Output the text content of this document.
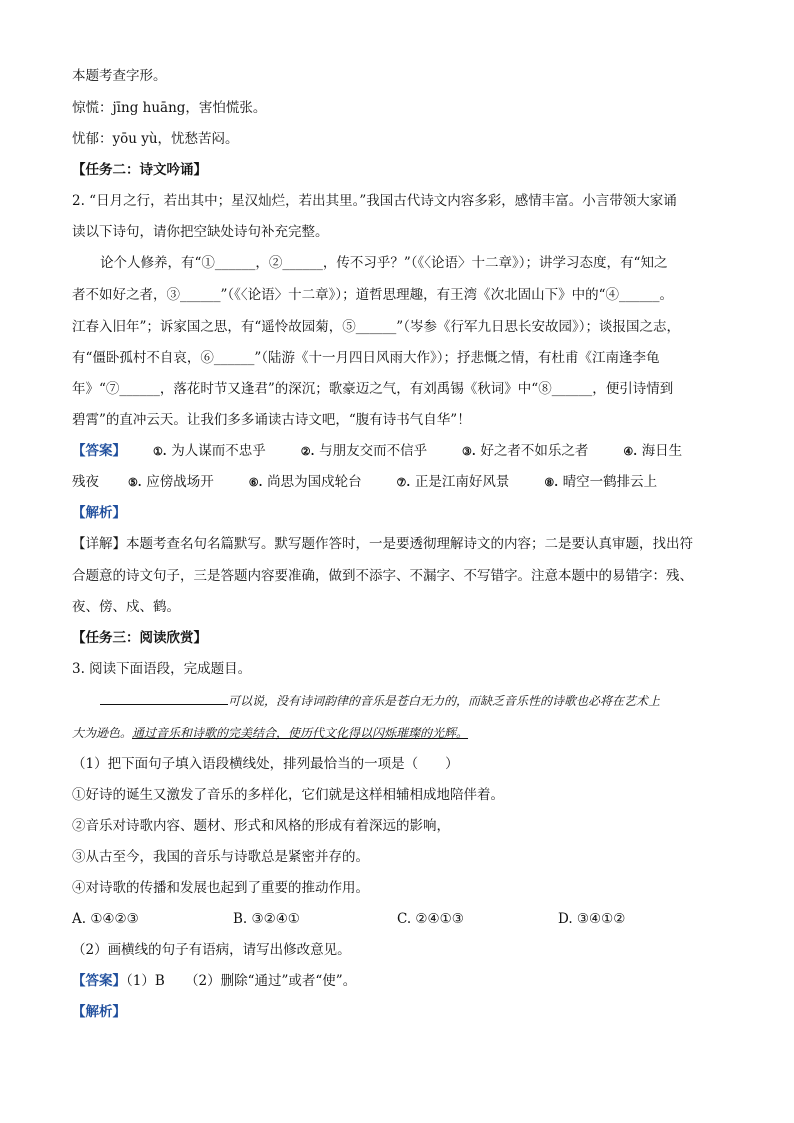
本题考查字形。
惊慌：jīng huāng，害怕慌张。
忧郁：yōu yù，忧愁苦闷。
【任务二：诗文吟诵】
2. “日月之行，若出其中；星汉灿烂，若出其里。”我国古代诗文内容多彩，感情丰富。小言带领大家诵
读以下诗句，请你把空缺处诗句补充完整。
论个人修养，有“①______，②______，传不习乎？”（《〈论语〉十二章》）；讲学习态度，有“知之
者不如好之者，③______”（《〈论语〉十二章》）；道哲思理趣，有王湾《次北固山下》中的“④______。
江春入旧年”；诉家国之思，有“遥怜故园菊，⑤______”（岑参《行军九日思长安故园》）；谈报国之志，
有“僵卧孤村不自哀，⑥______”（陆游《十一月四日风雨大作》）；抒悲慨之情，有杜甫《江南逢李龟
年》“⑦______，落花时节又逢君”的深沉；歌豪迈之气，有刘禹锡《秋词》中“⑧______，便引诗情到
碧霄”的直冲云天。让我们多多诵读古诗文吧，“腹有诗书气自华”！
【答案】 ①. 为人谋而不忠乎	②. 与朋友交而不信乎	③. 好之者不如乐之者	④. 海日生
残夜	⑤. 应傍战场开	⑥. 尚思为国戍轮台	⑦. 正是江南好风景	⑧. 晴空一鹤排云上
【解析】
【详解】本题考查名句名篇默写。默写题作答时，一是要透彻理解诗文的内容；二是要认真审题，找出符
合题意的诗文句子，三是答题内容要准确，做到不添字、不漏字、不写错字。注意本题中的易错字：残、
夜、傍、戍、鹤。
【任务三：阅读欣赏】
3. 阅读下面语段，完成题目。
可以说，没有诗词韵律的音乐是苍白无力的，而缺乏音乐性的诗歌也必将在艺术上
大为逊色。通过音乐和诗歌的完美结合，使历代文化得以闪烁璀璨的光辉。
（1）把下面句子填入语段横线处，排列最恰当的一项是（　　）
①好诗的诞生又激发了音乐的多样化，它们就是这样相辅相成地陪伴着。
②音乐对诗歌内容、题材、形式和风格的形成有着深远的影响，
③从古至今，我国的音乐与诗歌总是紧密并存的。
④对诗歌的传播和发展也起到了重要的推动作用。
A. ①④②③	B. ③②④①	C. ②④①③	D. ③④①②
（2）画横线的句子有语病，请写出修改意见。
【答案】（1）B　　（2）删除“通过”或者“使”。
【解析】
